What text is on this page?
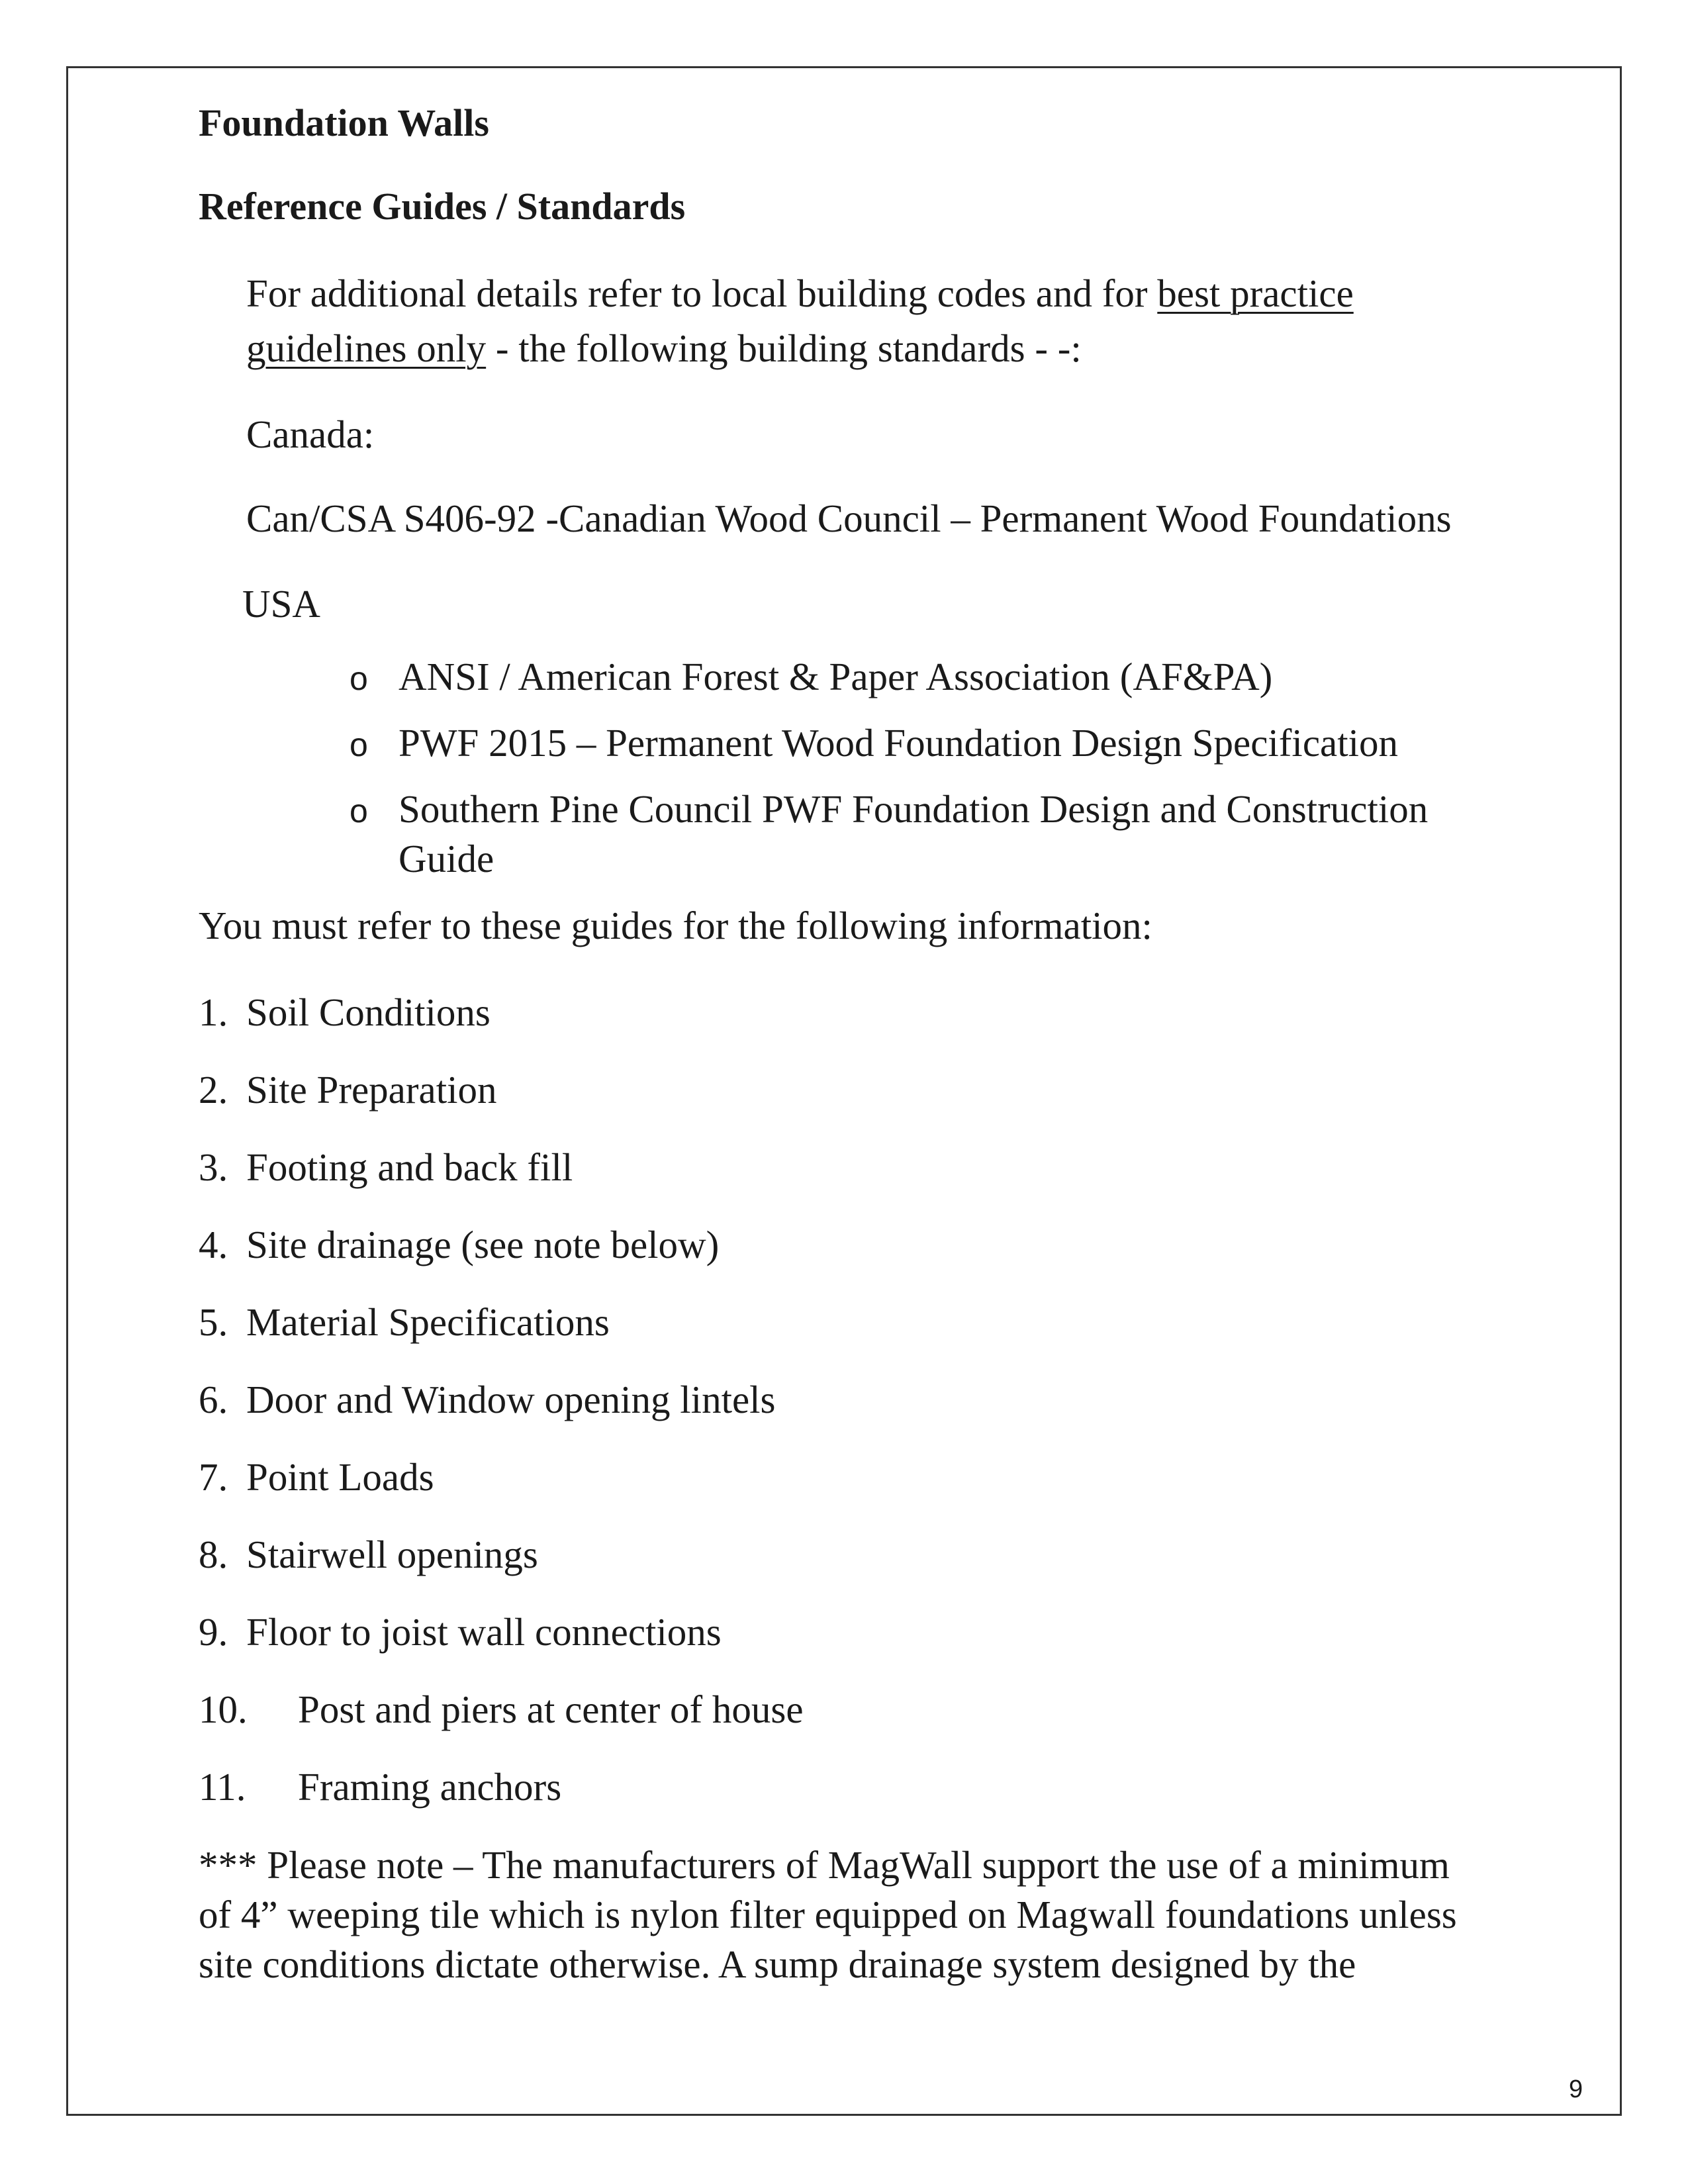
Foundation Walls
Reference Guides / Standards
For additional details refer to local building codes and for best practice
guidelines only - the following building standards - -:
Canada:
Can/CSA S406-92 -Canadian Wood Council – Permanent Wood Foundations
USA
o ANSI / American Forest & Paper Association (AF&PA)
o PWF 2015 – Permanent Wood Foundation Design Specification
o Southern Pine Council PWF Foundation Design and Construction
Guide
You must refer to these guides for the following information:
1. Soil Conditions
2. Site Preparation
3. Footing and back fill
4. Site drainage (see note below)
5. Material Specifications
6. Door and Window opening lintels
7. Point Loads
8. Stairwell openings
9. Floor to joist wall connections
10. Post and piers at center of house
11. Framing anchors
*** Please note – The manufacturers of MagWall support the use of a minimum
of 4” weeping tile which is nylon filter equipped on Magwall foundations unless
site conditions dictate otherwise. A sump drainage system designed by the
9
